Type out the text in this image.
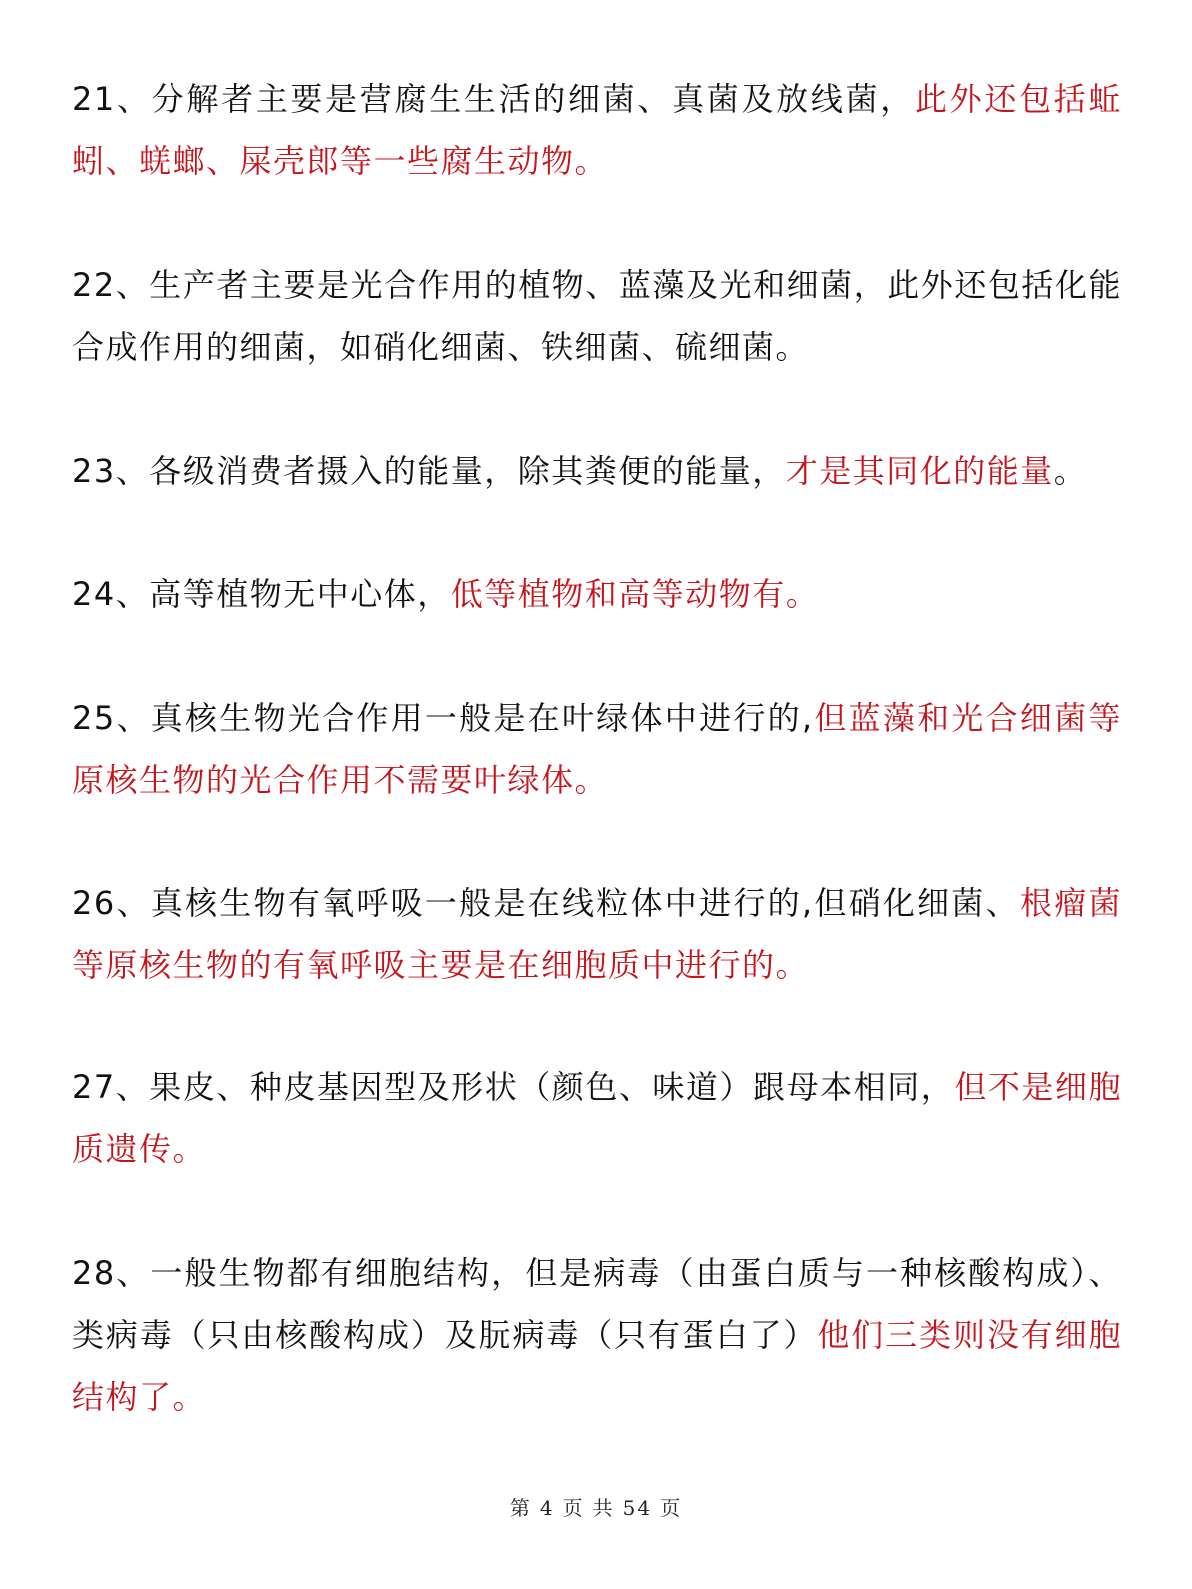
21、分解者主要是营腐生生活的细菌、真菌及放线菌，此外还包括蚯蚓、蜣螂、屎壳郎等一些腐生动物。

22、生产者主要是光合作用的植物、蓝藻及光和细菌，此外还包括化能合成作用的细菌，如硝化细菌、铁细菌、硫细菌。

23、各级消费者摄入的能量，除其粪便的能量，才是其同化的能量。

24、高等植物无中心体，低等植物和高等动物有。

25、真核生物光合作用一般是在叶绿体中进行的,但蓝藻和光合细菌等原核生物的光合作用不需要叶绿体。

26、真核生物有氧呼吸一般是在线粒体中进行的,但硝化细菌、根瘤菌等原核生物的有氧呼吸主要是在细胞质中进行的。

27、果皮、种皮基因型及形状（颜色、味道）跟母本相同，但不是细胞质遗传。

28、一般生物都有细胞结构，但是病毒（由蛋白质与一种核酸构成）、类病毒（只由核酸构成）及朊病毒（只有蛋白了）他们三类则没有细胞结构了。

第 4 页 共 54 页
